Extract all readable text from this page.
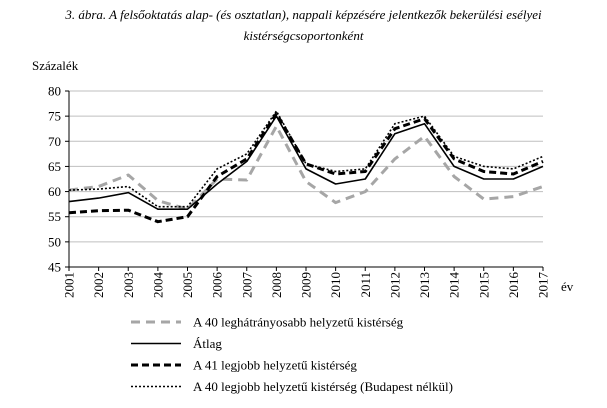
3. ábra. A felsőoktatás alap- (és osztatlan), nappali képzésére jelentkezők bekerülési esélyei
kistérségcsoportonként
45
50
55
60
65
70
75
80
Százalék
2001 2002 2003 2004 2005 2006 2007 2008 2009 2010 2011 2012 2013 2014 2015 2016 2017 év
A 40 leghátrányosabb helyzetű kistérség
Átlag
A 41 legjobb helyzetű kistérség
A 40 legjobb helyzetű kistérség (Budapest nélkül)
